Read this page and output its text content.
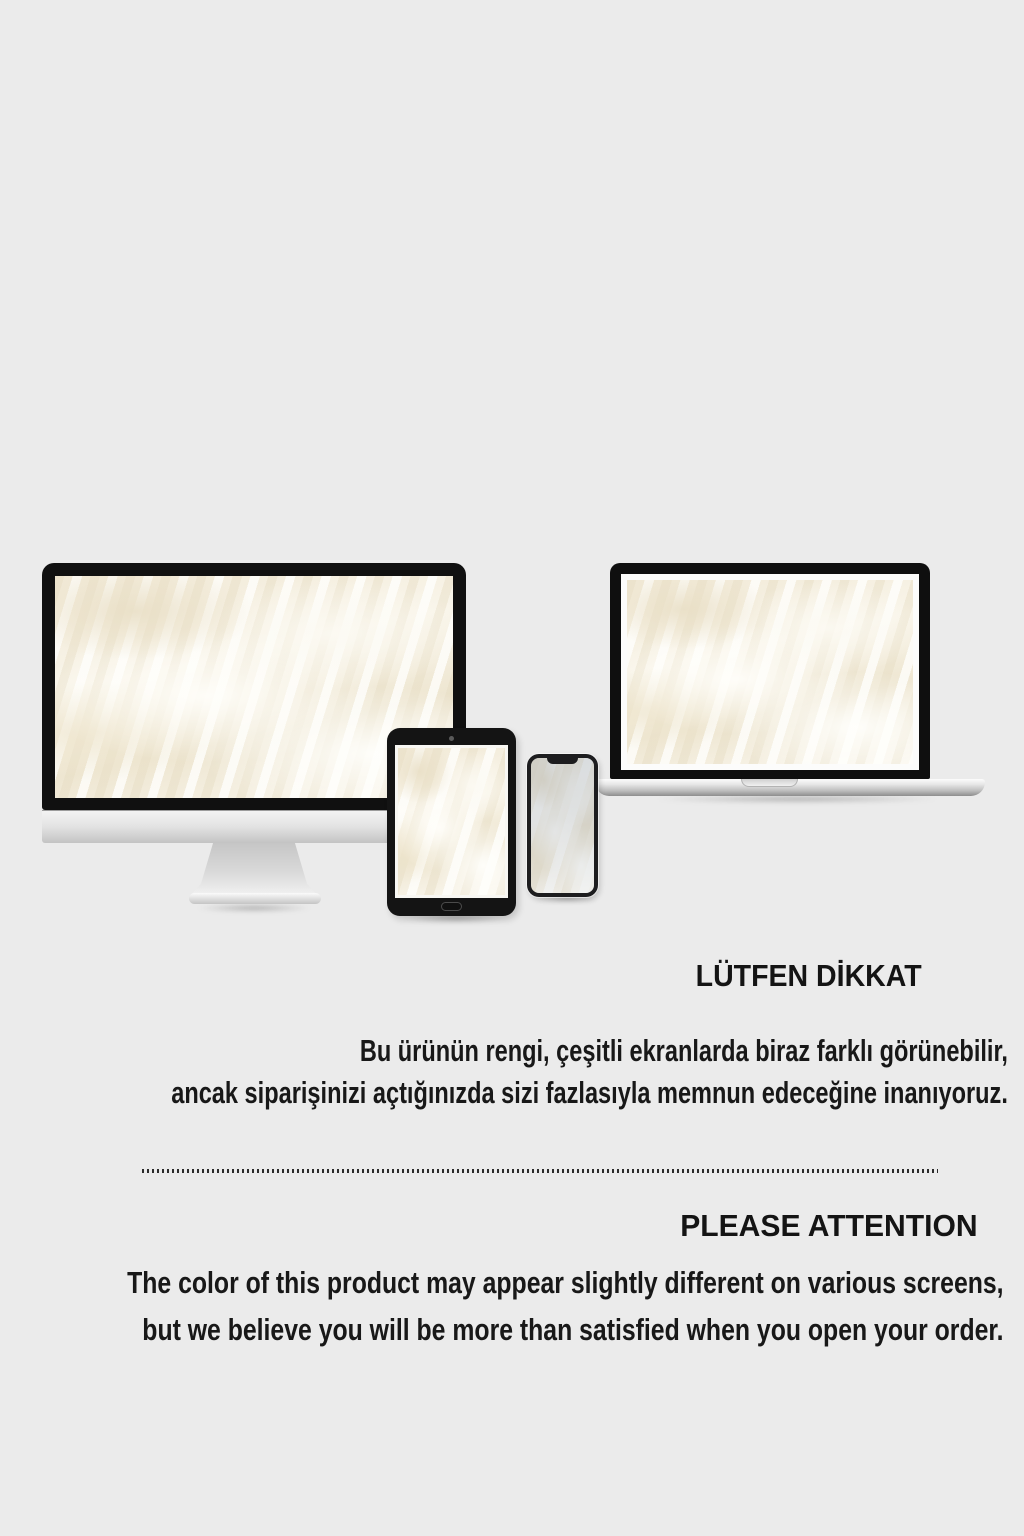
LÜTFEN DİKKAT
Bu ürünün rengi, çeşitli ekranlarda biraz farklı görünebilir,
ancak siparişinizi açtığınızda sizi fazlasıyla memnun edeceğine inanıyoruz.
PLEASE ATTENTION
The color of this product may appear slightly different on various screens,
but we believe you will be more than satisfied when you open your order.
